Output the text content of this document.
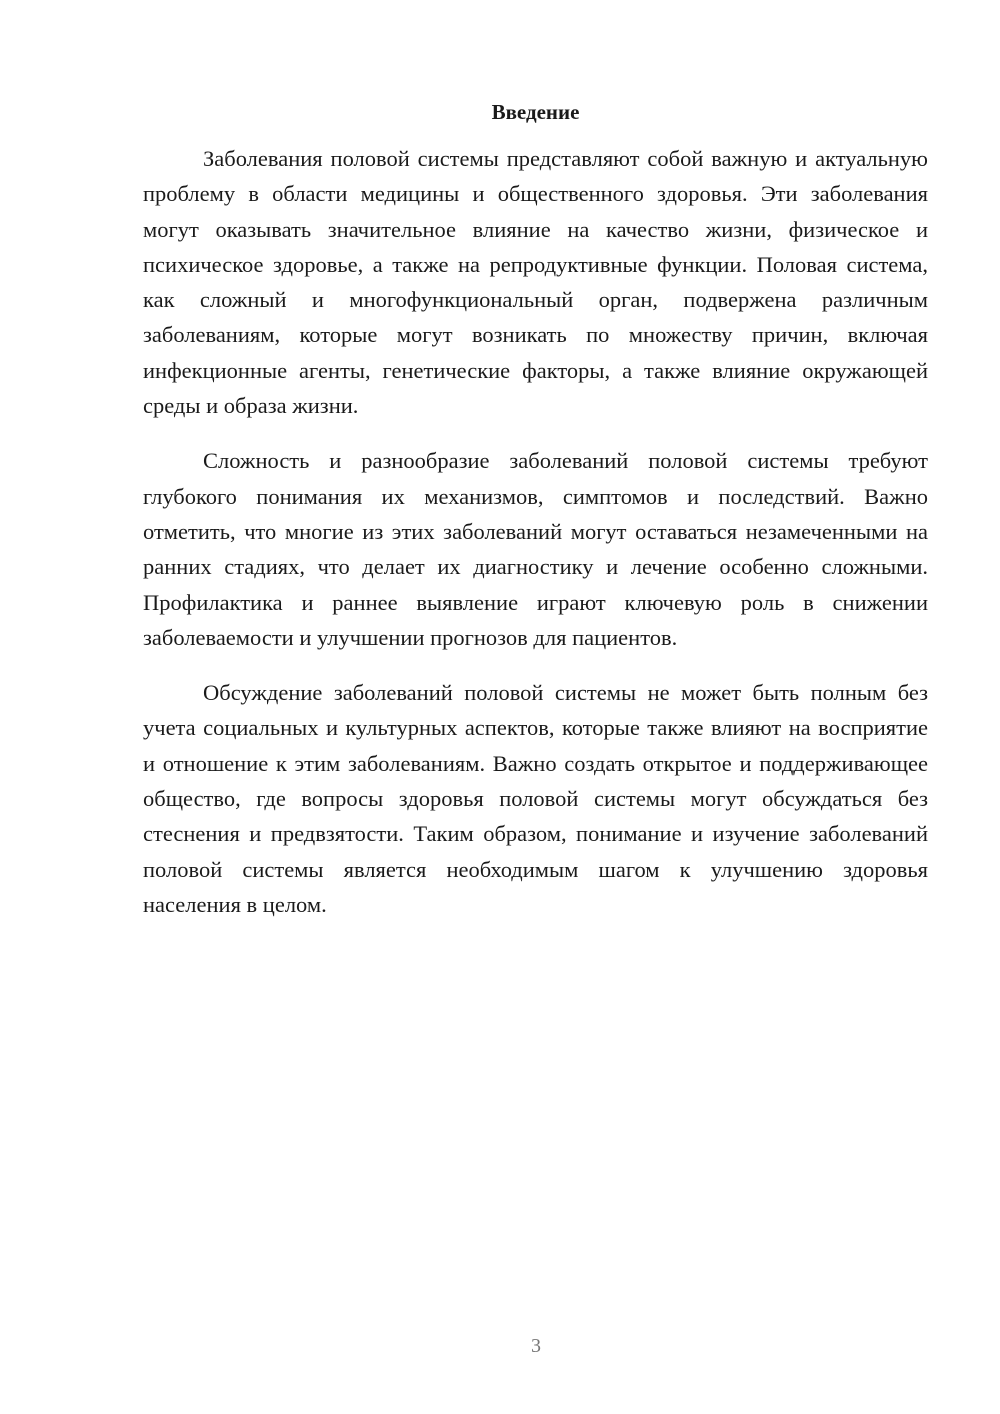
Введение

Заболевания половой системы представляют собой важную и актуальную проблему в области медицины и общественного здоровья. Эти заболевания могут оказывать значительное влияние на качество жизни, физическое и психическое здоровье, а также на репродуктивные функции. Половая система, как сложный и многофункциональный орган, подвержена различным заболеваниям, которые могут возникать по множеству причин, включая инфекционные агенты, генетические факторы, а также влияние окружающей среды и образа жизни.

Сложность и разнообразие заболеваний половой системы требуют глубокого понимания их механизмов, симптомов и последствий. Важно отметить, что многие из этих заболеваний могут оставаться незамеченными на ранних стадиях, что делает их диагностику и лечение особенно сложными. Профилактика и раннее выявление играют ключевую роль в снижении заболеваемости и улучшении прогнозов для пациентов.

Обсуждение заболеваний половой системы не может быть полным без учета социальных и культурных аспектов, которые также влияют на восприятие и отношение к этим заболеваниям. Важно создать открытое и поддерживающее общество, где вопросы здоровья половой системы могут обсуждаться без стеснения и предвзятости. Таким образом, понимание и изучение заболеваний половой системы является необходимым шагом к улучшению здоровья населения в целом.

3
